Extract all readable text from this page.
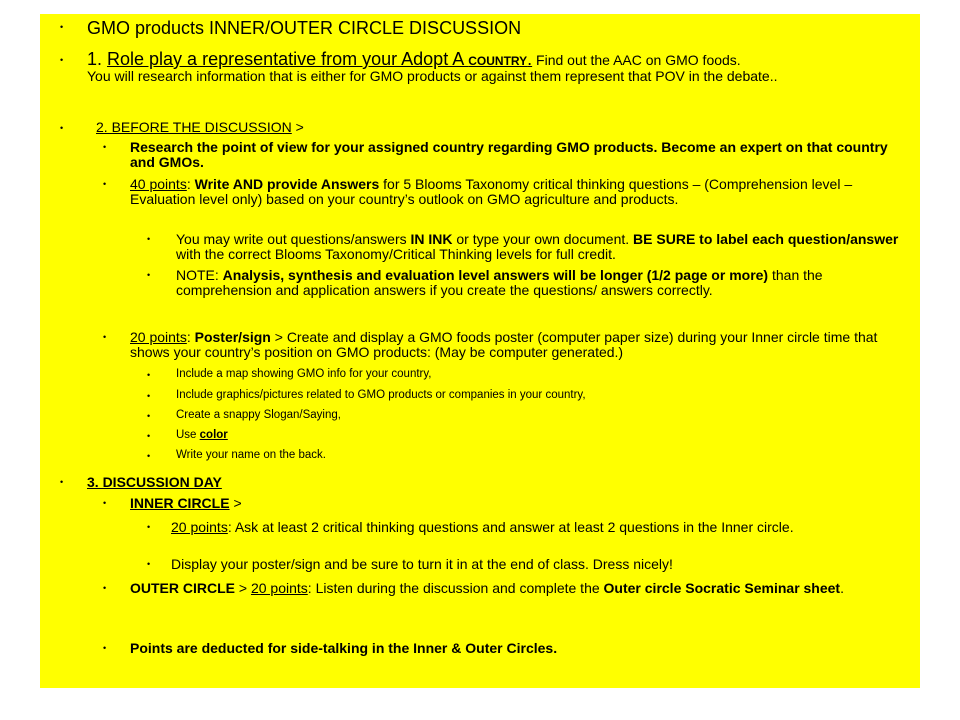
• GMO products INNER/OUTER CIRCLE DISCUSSION

• 1. Role play a representative from your Adopt A COUNTRY. Find out the AAC on GMO foods.
You will research information that is either for GMO products or against them represent that POV in the debate..

• 2. BEFORE THE DISCUSSION >

• Research the point of view for your assigned country regarding GMO products. Become an expert on that country and GMOs.

• 40 points: Write AND provide Answers for 5 Blooms Taxonomy critical thinking questions – (Comprehension level – Evaluation level only) based on your country’s outlook on GMO agriculture and products.

• You may write out questions/answers IN INK or type your own document. BE SURE to label each question/answer with the correct Blooms Taxonomy/Critical Thinking levels for full credit.

• NOTE: Analysis, synthesis and evaluation level answers will be longer (1/2 page or more) than the comprehension and application answers if you create the questions/ answers correctly.

• 20 points: Poster/sign > Create and display a GMO foods poster (computer paper size) during your Inner circle time that shows your country’s position on GMO products: (May be computer generated.)

• Include a map showing GMO info for your country,

• Include graphics/pictures related to GMO products or companies in your country,

• Create a snappy Slogan/Saying,

• Use color

• Write your name on the back.

• 3. DISCUSSION DAY

• INNER CIRCLE >

• 20 points: Ask at least 2 critical thinking questions and answer at least 2 questions in the Inner circle.

• Display your poster/sign and be sure to turn it in at the end of class. Dress nicely!

• OUTER CIRCLE > 20 points: Listen during the discussion and complete the Outer circle Socratic Seminar sheet.

• Points are deducted for side-talking in the Inner & Outer Circles.
